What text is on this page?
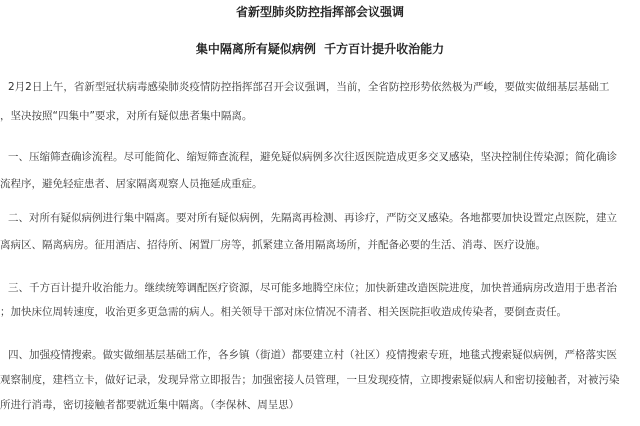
省新型肺炎防控指挥部会议强调
集中隔离所有疑似病例  千方百计提升收治能力
2月2日上午，省新型冠状病毒感染肺炎疫情防控指挥部召开会议强调，当前，全省防控形势依然极为严峻，要做实做细基层基础工
，坚决按照“四集中”要求，对所有疑似患者集中隔离。
一、压缩筛查确诊流程。尽可能简化、缩短筛查流程，避免疑似病例多次往返医院造成更多交叉感染，坚决控制住传染源；简化确诊
流程序，避免轻症患者、居家隔离观察人员拖延成重症。
二、对所有疑似病例进行集中隔离。要对所有疑似病例，先隔离再检测、再诊疗，严防交叉感染。各地都要加快设置定点医院，建立
离病区、隔离病房。征用酒店、招待所、闲置厂房等，抓紧建立备用隔离场所，并配备必要的生活、消毒、医疗设施。
三、千方百计提升收治能力。继续统筹调配医疗资源，尽可能多地腾空床位；加快新建改造医院进度，加快普通病房改造用于患者治
；加快床位周转速度，收治更多更急需的病人。相关领导干部对床位情况不清者、相关医院拒收造成传染者，要倒查责任。
四、加强疫情搜索。做实做细基层基础工作，各乡镇（街道）都要建立村（社区）疫情搜索专班，地毯式搜索疑似病例，严格落实医
观察制度，建档立卡，做好记录，发现异常立即报告；加强密接人员管理，一旦发现疫情，立即搜索疑似病人和密切接触者，对被污染
所进行消毒，密切接触者都要就近集中隔离。（李保林、周呈思）
